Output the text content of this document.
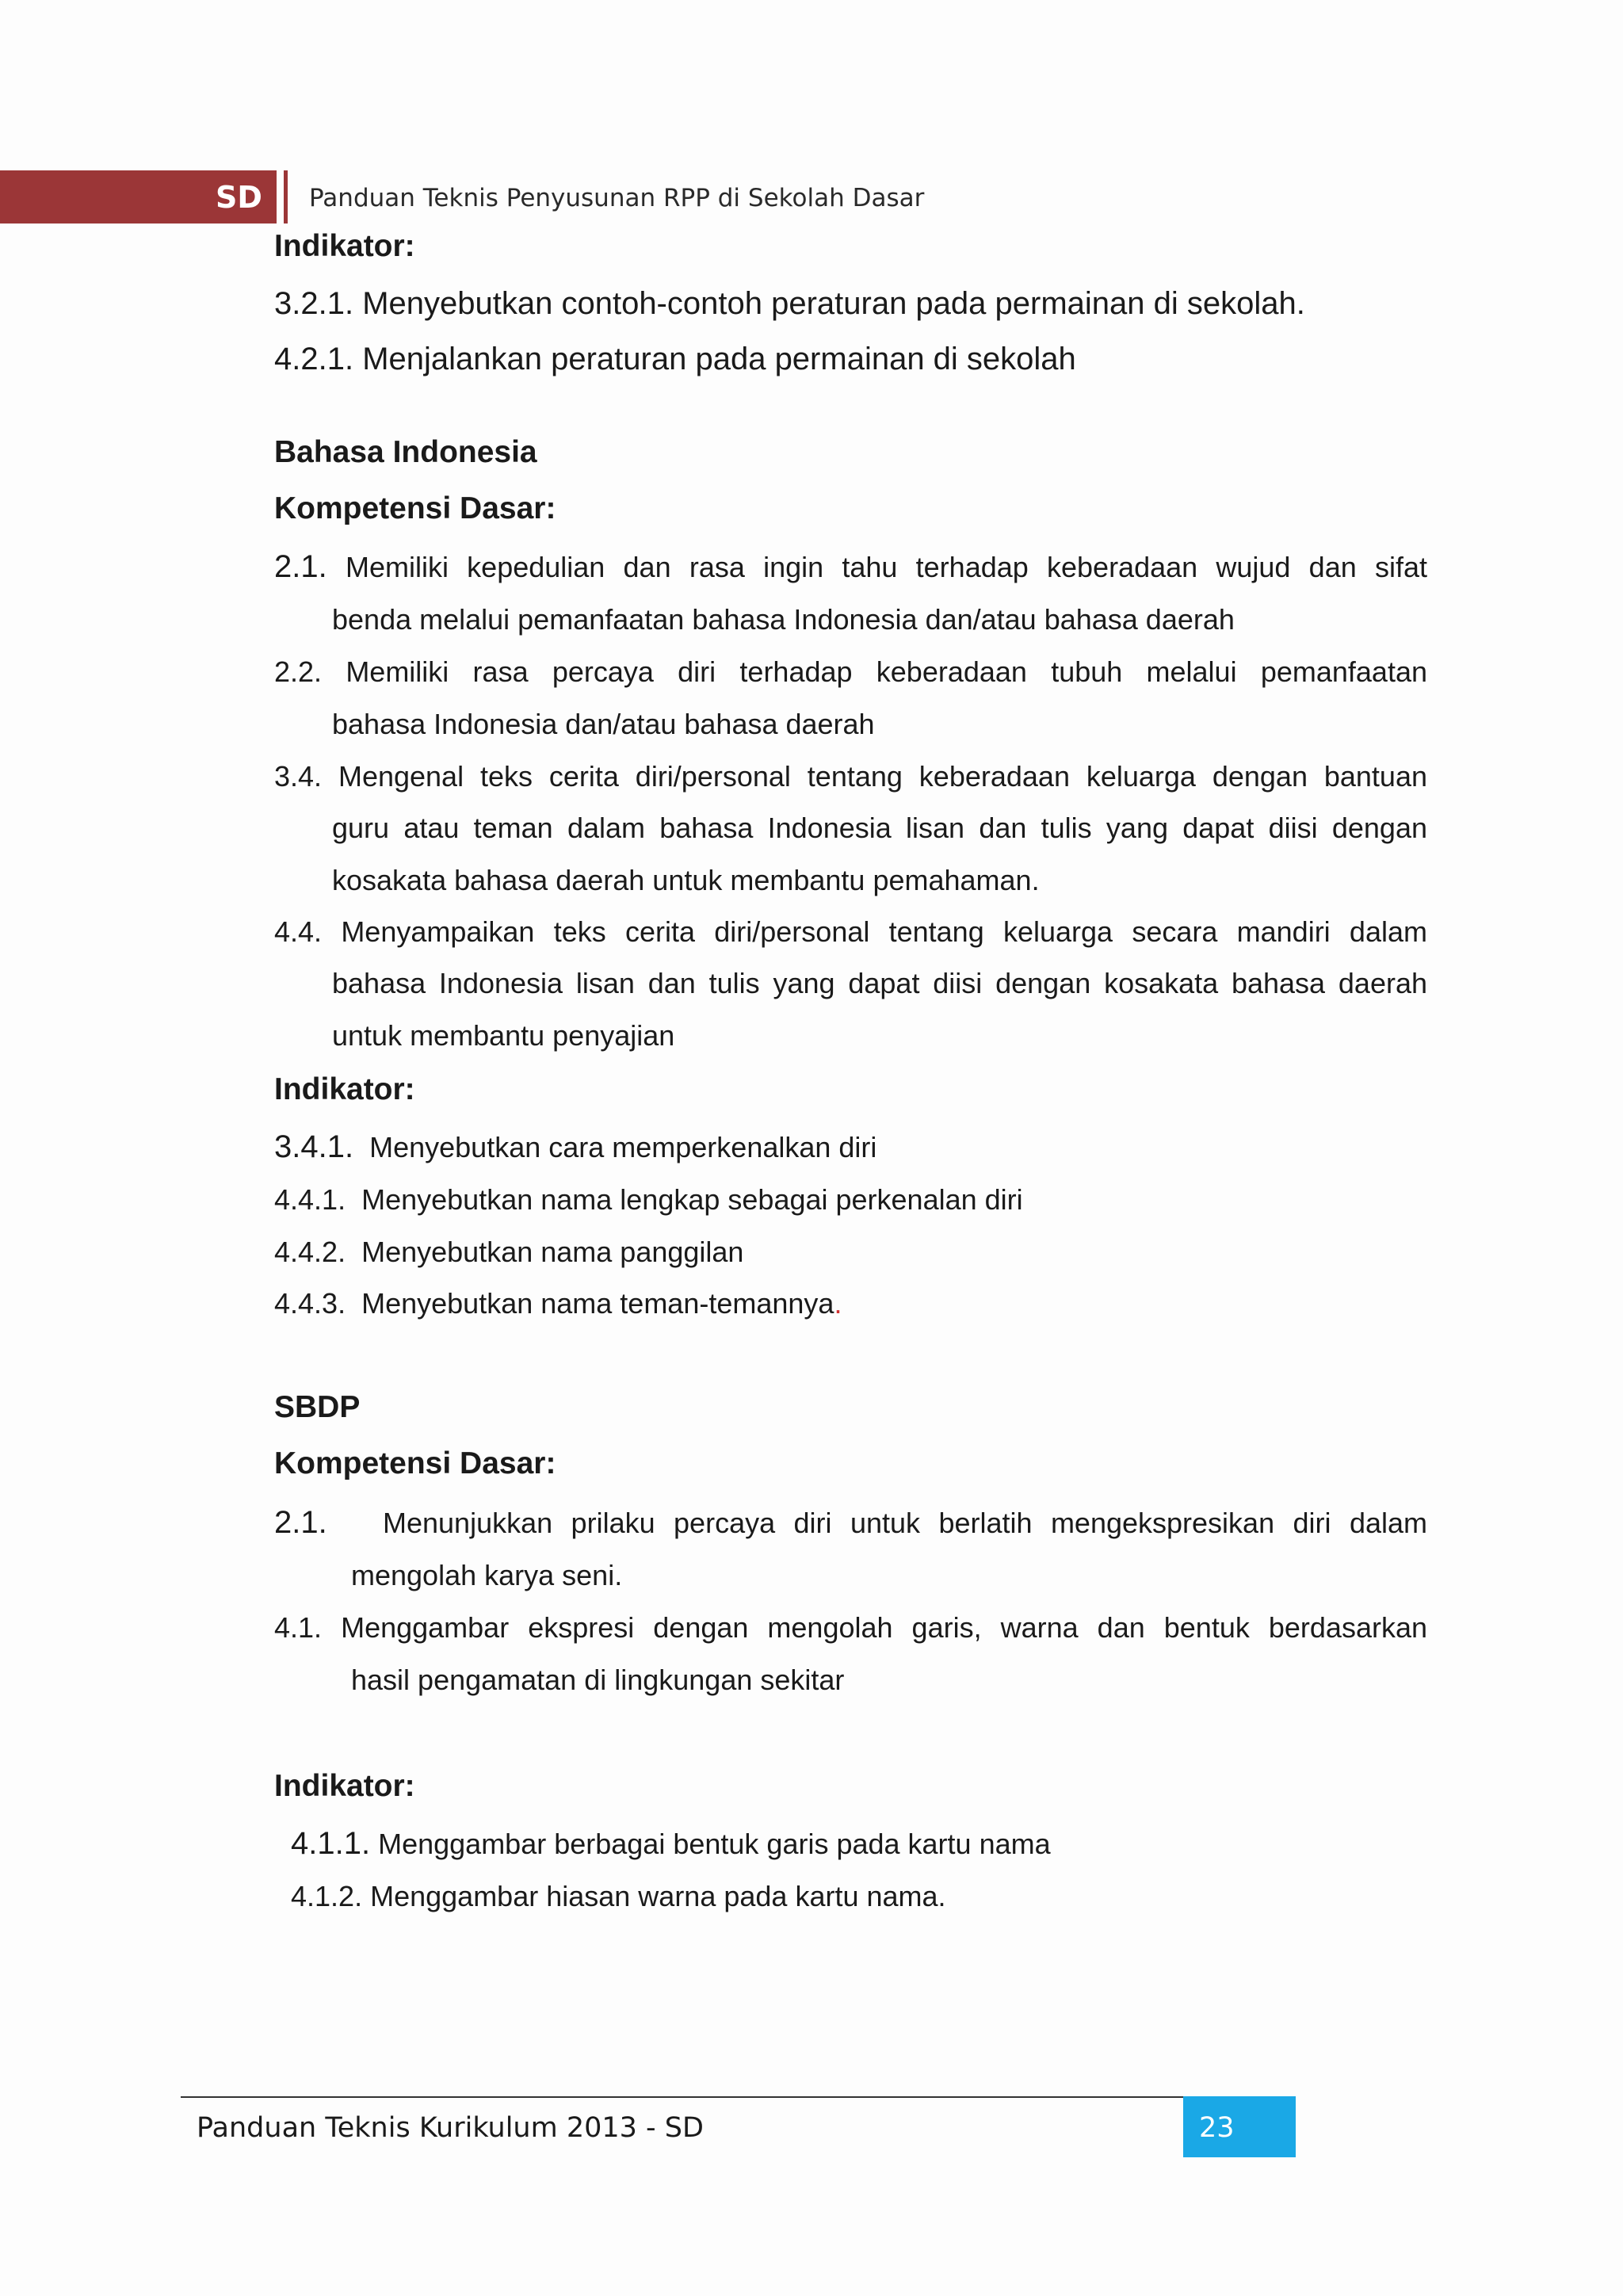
SD Panduan Teknis Penyusunan RPP di Sekolah Dasar
Indikator:
3.2.1. Menyebutkan contoh-contoh peraturan pada permainan di sekolah.
4.2.1. Menjalankan peraturan pada permainan di sekolah
Bahasa Indonesia
Kompetensi Dasar:
2.1. Memiliki kepedulian dan rasa ingin tahu terhadap keberadaan wujud dan sifat
benda melalui pemanfaatan bahasa Indonesia dan/atau bahasa daerah
2.2. Memiliki rasa percaya diri terhadap keberadaan tubuh melalui pemanfaatan
bahasa Indonesia dan/atau bahasa daerah
3.4. Mengenal teks cerita diri/personal tentang keberadaan keluarga dengan bantuan
guru atau teman dalam bahasa Indonesia lisan dan tulis yang dapat diisi dengan
kosakata bahasa daerah untuk membantu pemahaman.
4.4. Menyampaikan teks cerita diri/personal tentang keluarga secara mandiri dalam
bahasa Indonesia lisan dan tulis yang dapat diisi dengan kosakata bahasa daerah
untuk membantu penyajian
Indikator:
3.4.1. Menyebutkan cara memperkenalkan diri
4.4.1. Menyebutkan nama lengkap sebagai perkenalan diri
4.4.2. Menyebutkan nama panggilan
4.4.3. Menyebutkan nama teman-temannya.
SBDP
Kompetensi Dasar:
2.1. Menunjukkan prilaku percaya diri untuk berlatih mengekspresikan diri dalam
mengolah karya seni.
4.1. Menggambar ekspresi dengan mengolah garis, warna dan bentuk berdasarkan
hasil pengamatan di lingkungan sekitar
Indikator:
4.1.1. Menggambar berbagai bentuk garis pada kartu nama
4.1.2. Menggambar hiasan warna pada kartu nama.
Panduan Teknis Kurikulum 2013 - SD	23
